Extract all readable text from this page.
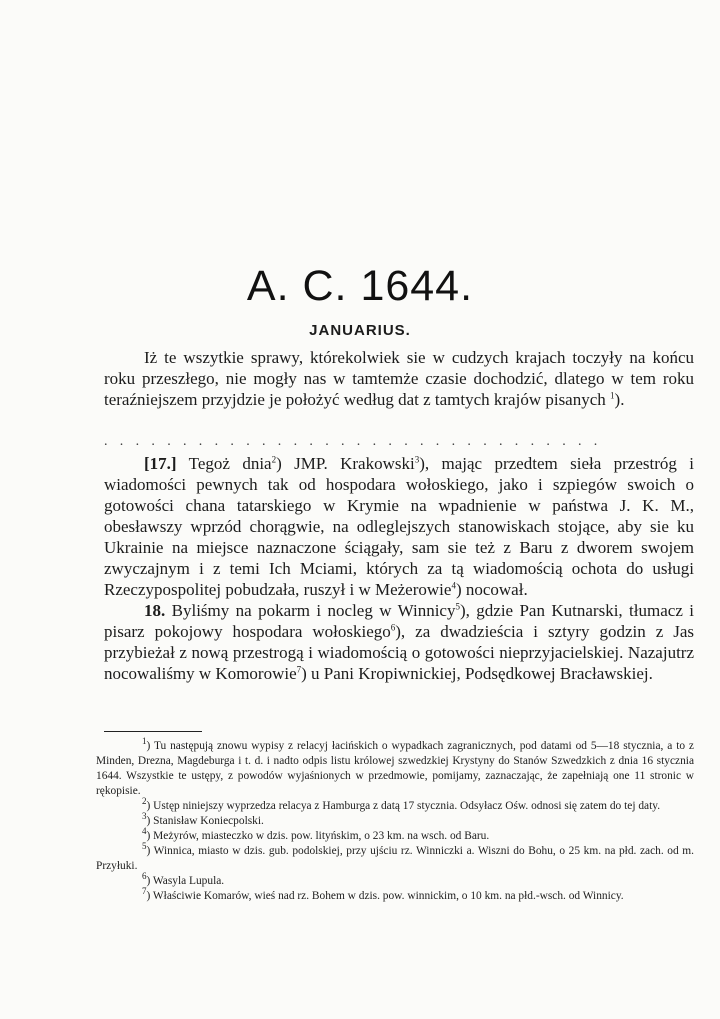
A. C. 1644.
JANUARIUS.

Iż te wszytkie sprawy, którekolwiek sie w cudzych krajach toczyły na końcu roku przeszłego, nie mogły nas w tamtemże czasie dochodzić, dlatego w tem roku teraźniejszem przyjdzie je położyć według dat z tamtych krajów pisanych $^1$).

................................

[17.] Tegoż dnia$^2$) JMP. Krakowski$^3$), mając przedtem sieła przestróg i wiadomości pewnych tak od hospodara wołoskiego, jako i szpiegów swoich o gotowości chana tatarskiego w Krymie na wpadnienie w państwa J. K. M., obesławszy wprzód chorągwie, na odleglejszych stanowiskach stojące, aby sie ku Ukrainie na miejsce naznaczone ściągały, sam sie też z Baru z dworem swojem zwyczajnym i z temi Ich Mciami, których za tą wiadomością ochota do usługi Rzeczypospolitej pobudzała, ruszył i w Meżerowie$^4$) nocował.

18. Byliśmy na pokarm i nocleg w Winnicy$^5$), gdzie Pan Kutnarski, tłumacz i pisarz pokojowy hospodara wołoskiego$^6$), za dwadzieścia i sztyry godzin z Jas przybieżał z nową przestrogą i wiadomością o gotowości nieprzyjacielskiej. Nazajutrz nocowaliśmy w Komorowie$^7$) u Pani Kropiwnickiej, Podsędkowej Bracławskiej.

$^1$) Tu następują znowu wypisy z relacyj łacińskich o wypadkach zagranicznych, pod datami od 5—18 stycznia, a to z Minden, Drezna, Magdeburga i t. d. i nadto odpis listu królowej szwedzkiej Krystyny do Stanów Szwedzkich z dnia 16 stycznia 1644. Wszystkie te ustępy, z powodów wyjaśnionych w przedmowie, pomijamy, zaznaczając, że zapełniają one 11 stronic w rękopisie.

$^2$) Ustęp niniejszy wyprzedza relacya z Hamburga z datą 17 stycznia. Odsyłacz Ośw. odnosi się zatem do tej daty.

$^3$) Stanisław Koniecpolski.

$^4$) Meżyrów, miasteczko w dzis. pow. lityńskim, o 23 km. na wsch. od Baru.

$^5$) Winnica, miasto w dzis. gub. podolskiej, przy ujściu rz. Winniczki a. Wiszni do Bohu, o 25 km. na płd. zach. od m. Przyłuki.

$^6$) Wasyla Lupula.

$^7$) Właściwie Komarów, wieś nad rz. Bohem w dzis. pow. winnickim, o 10 km. na płd.-wsch. od Winnicy.
